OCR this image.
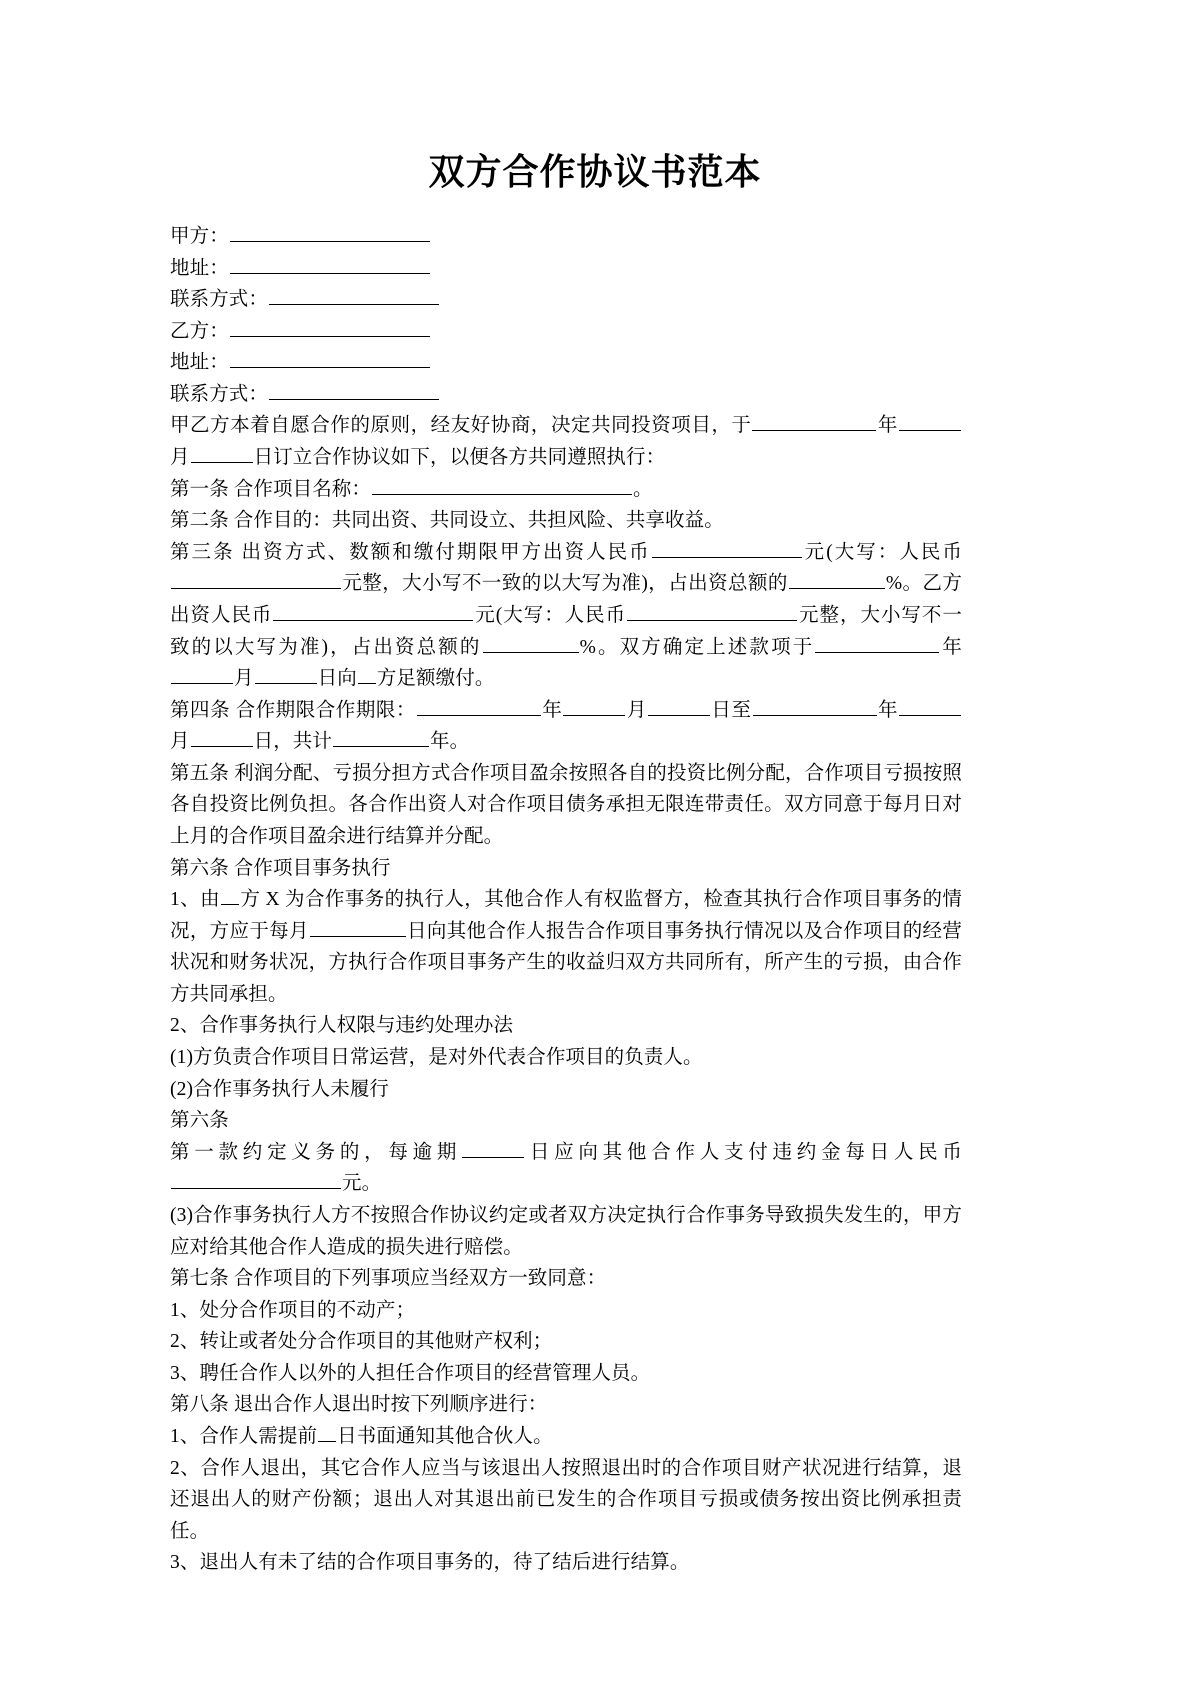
双方合作协议书范本

甲方：

地址：

联系方式：

乙方：

地址：

联系方式：

甲乙方本着自愿合作的原则，经友好协商，决定共同投资项目，于	年月	日订立合作协议如下，以便各方共同遵照执行：

第一条 合作项目名称：	。

第二条 合作目的：共同出资、共同设立、共担风险、共享收益。

第三条 出资方式、数额和缴付期限甲方出资人民币	元(大写：人民币元整，大小写不一致的以大写为准)，占出资总额的	%。乙方出资人民币	元(大写：人民币	元整，大小写不一致的以大写为准)，占出资总额的	%。双方确定上述款项于	年月	日向 方足额缴付。

第四条 合作期限合作期限：	年	月	日至	年月	日，共计	年。

第五条 利润分配、亏损分担方式合作项目盈余按照各自的投资比例分配，合作项目亏损按照各自投资比例负担。各合作出资人对合作项目债务承担无限连带责任。双方同意于每月日对上月的合作项目盈余进行结算并分配。

第六条 合作项目事务执行

1、由 方 X 为合作事务的执行人，其他合作人有权监督方，检查其执行合作项目事务的情况，方应于每月	日向其他合作人报告合作项目事务执行情况以及合作项目的经营状况和财务状况，方执行合作项目事务产生的收益归双方共同所有，所产生的亏损，由合作方共同承担。

2、合作事务执行人权限与违约处理办法

(1)方负责合作项目日常运营，是对外代表合作项目的负责人。

(2)合作事务执行人未履行

第六条

第一款约定义务的，每逾期	日应向其他合作人支付违约金每日人民币元。

(3)合作事务执行人方不按照合作协议约定或者双方决定执行合作事务导致损失发生的，甲方应对给其他合作人造成的损失进行赔偿。

第七条 合作项目的下列事项应当经双方一致同意：

1、处分合作项目的不动产；

2、转让或者处分合作项目的其他财产权利；

3、聘任合作人以外的人担任合作项目的经营管理人员。

第八条 退出合作人退出时按下列顺序进行：

1、合作人需提前 日书面通知其他合伙人。

2、合作人退出，其它合作人应当与该退出人按照退出时的合作项目财产状况进行结算，退还退出人的财产份额；退出人对其退出前已发生的合作项目亏损或债务按出资比例承担责任。

3、退出人有未了结的合作项目事务的，待了结后进行结算。
